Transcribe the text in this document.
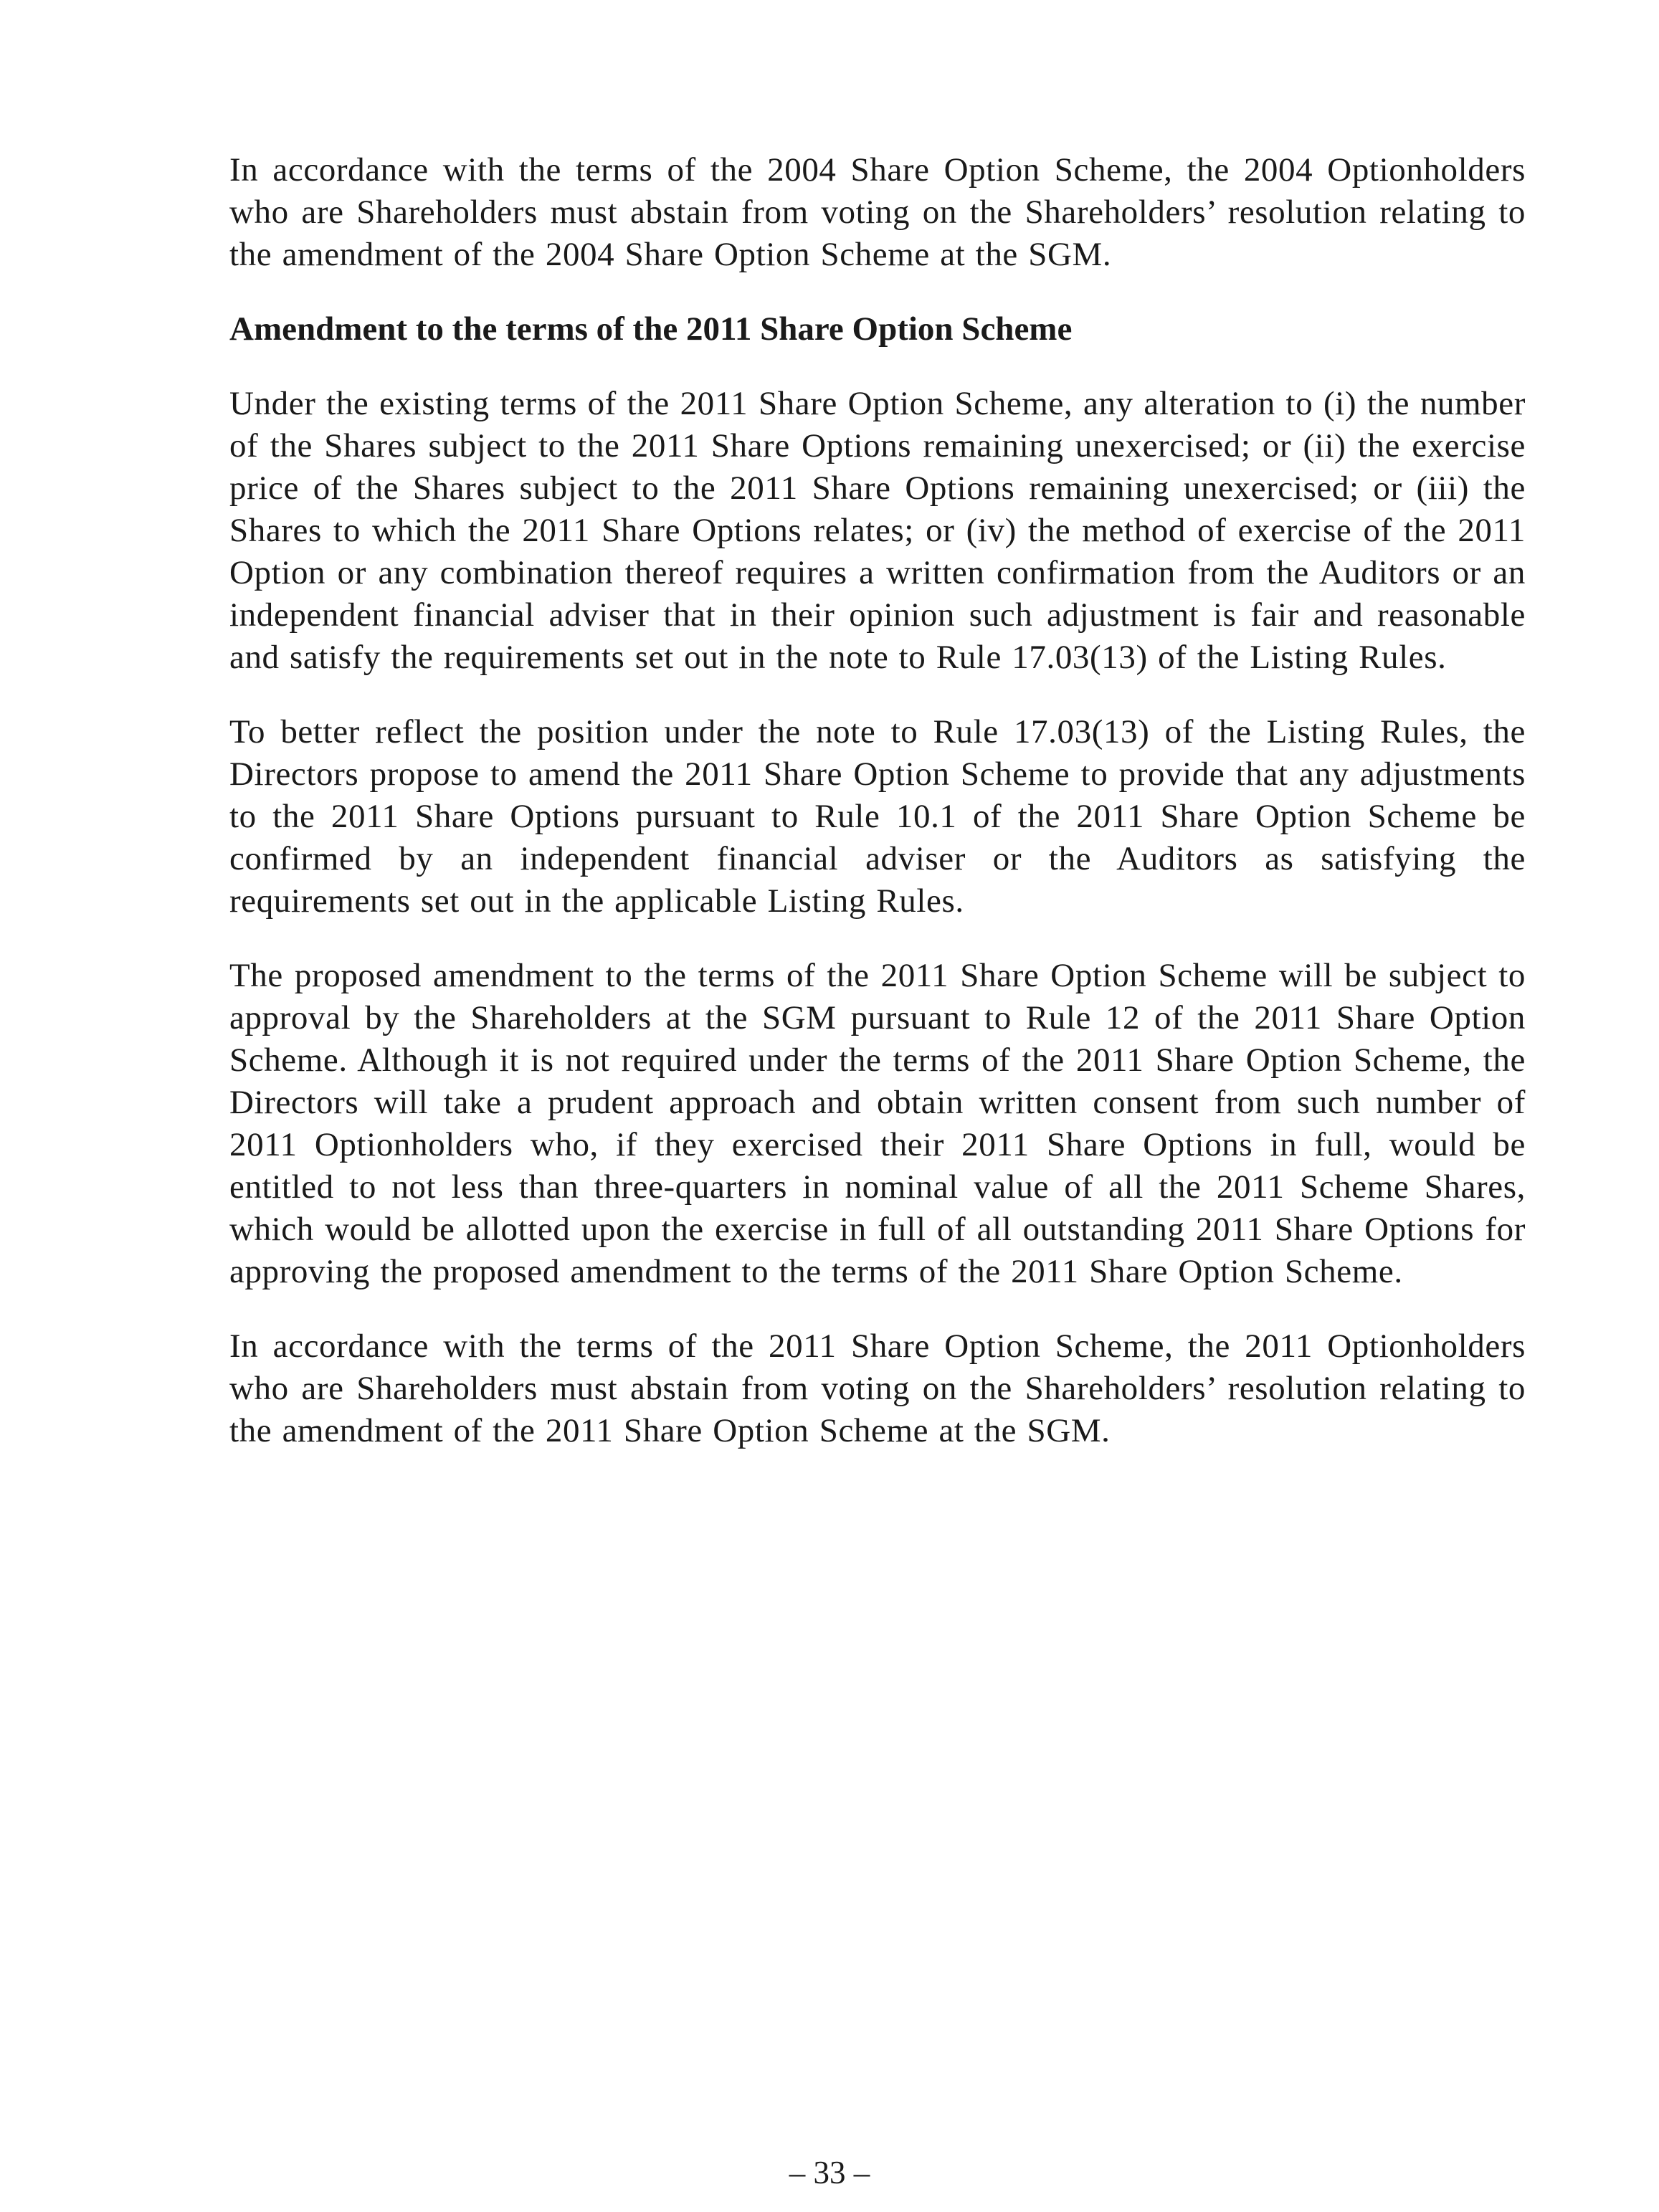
In accordance with the terms of the 2004 Share Option Scheme, the 2004 Optionholders who are Shareholders must abstain from voting on the Shareholders’ resolution relating to the amendment of the 2004 Share Option Scheme at the SGM.

Amendment to the terms of the 2011 Share Option Scheme

Under the existing terms of the 2011 Share Option Scheme, any alteration to (i) the number of the Shares subject to the 2011 Share Options remaining unexercised; or (ii) the exercise price of the Shares subject to the 2011 Share Options remaining unexercised; or (iii) the Shares to which the 2011 Share Options relates; or (iv) the method of exercise of the 2011 Option or any combination thereof requires a written confirmation from the Auditors or an independent financial adviser that in their opinion such adjustment is fair and reasonable and satisfy the requirements set out in the note to Rule 17.03(13) of the Listing Rules.

To better reflect the position under the note to Rule 17.03(13) of the Listing Rules, the Directors propose to amend the 2011 Share Option Scheme to provide that any adjustments to the 2011 Share Options pursuant to Rule 10.1 of the 2011 Share Option Scheme be confirmed by an independent financial adviser or the Auditors as satisfying the requirements set out in the applicable Listing Rules.

The proposed amendment to the terms of the 2011 Share Option Scheme will be subject to approval by the Shareholders at the SGM pursuant to Rule 12 of the 2011 Share Option Scheme. Although it is not required under the terms of the 2011 Share Option Scheme, the Directors will take a prudent approach and obtain written consent from such number of 2011 Optionholders who, if they exercised their 2011 Share Options in full, would be entitled to not less than three-quarters in nominal value of all the 2011 Scheme Shares, which would be allotted upon the exercise in full of all outstanding 2011 Share Options for approving the proposed amendment to the terms of the 2011 Share Option Scheme.

In accordance with the terms of the 2011 Share Option Scheme, the 2011 Optionholders who are Shareholders must abstain from voting on the Shareholders’ resolution relating to the amendment of the 2011 Share Option Scheme at the SGM.

– 33 –
